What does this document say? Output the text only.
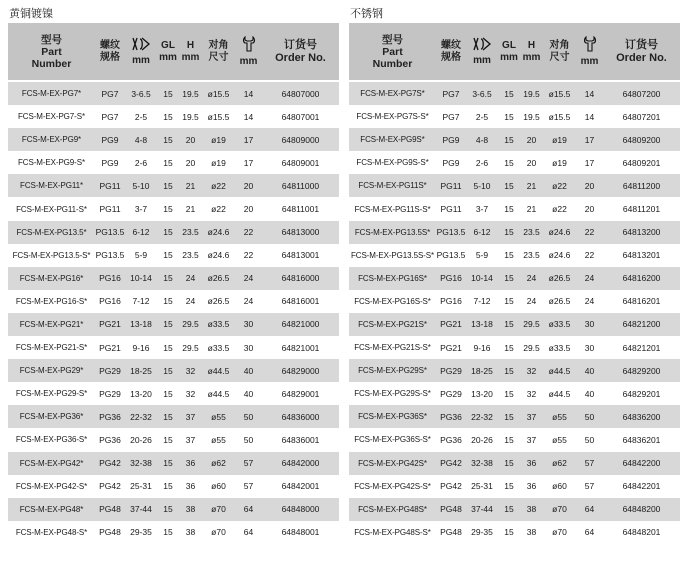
黄铜镀镍
型号
Part
Number	螺纹
规格	mm	GL
mm	H
mm	对角
尺寸	mm	订货号
Order No.
FCS-M-EX-PG7*	PG7	3-6.5	15	19.5	ø15.5	14	64807000
FCS-M-EX-PG7-S*	PG7	2-5	15	19.5	ø15.5	14	64807001
FCS-M-EX-PG9*	PG9	4-8	15	20	ø19	17	64809000
FCS-M-EX-PG9-S*	PG9	2-6	15	20	ø19	17	64809001
FCS-M-EX-PG11*	PG11	5-10	15	21	ø22	20	64811000
FCS-M-EX-PG11-S*	PG11	3-7	15	21	ø22	20	64811001
FCS-M-EX-PG13.5*	PG13.5	6-12	15	23.5	ø24.6	22	64813000
FCS-M-EX-PG13.5-S*	PG13.5	5-9	15	23.5	ø24.6	22	64813001
FCS-M-EX-PG16*	PG16	10-14	15	24	ø26.5	24	64816000
FCS-M-EX-PG16-S*	PG16	7-12	15	24	ø26.5	24	64816001
FCS-M-EX-PG21*	PG21	13-18	15	29.5	ø33.5	30	64821000
FCS-M-EX-PG21-S*	PG21	9-16	15	29.5	ø33.5	30	64821001
FCS-M-EX-PG29*	PG29	18-25	15	32	ø44.5	40	64829000
FCS-M-EX-PG29-S*	PG29	13-20	15	32	ø44.5	40	64829001
FCS-M-EX-PG36*	PG36	22-32	15	37	ø55	50	64836000
FCS-M-EX-PG36-S*	PG36	20-26	15	37	ø55	50	64836001
FCS-M-EX-PG42*	PG42	32-38	15	36	ø62	57	64842000
FCS-M-EX-PG42-S*	PG42	25-31	15	36	ø60	57	64842001
FCS-M-EX-PG48*	PG48	37-44	15	38	ø70	64	64848000
FCS-M-EX-PG48-S*	PG48	29-35	15	38	ø70	64	64848001
不锈钢
型号
Part
Number	螺纹
规格	mm	GL
mm	H
mm	对角
尺寸	mm	订货号
Order No.
FCS-M-EX-PG7S*	PG7	3-6.5	15	19.5	ø15.5	14	64807200
FCS-M-EX-PG7S-S*	PG7	2-5	15	19.5	ø15.5	14	64807201
FCS-M-EX-PG9S*	PG9	4-8	15	20	ø19	17	64809200
FCS-M-EX-PG9S-S*	PG9	2-6	15	20	ø19	17	64809201
FCS-M-EX-PG11S*	PG11	5-10	15	21	ø22	20	64811200
FCS-M-EX-PG11S-S*	PG11	3-7	15	21	ø22	20	64811201
FCS-M-EX-PG13.5S*	PG13.5	6-12	15	23.5	ø24.6	22	64813200
FCS-M-EX-PG13.5S-S*	PG13.5	5-9	15	23.5	ø24.6	22	64813201
FCS-M-EX-PG16S*	PG16	10-14	15	24	ø26.5	24	64816200
FCS-M-EX-PG16S-S*	PG16	7-12	15	24	ø26.5	24	64816201
FCS-M-EX-PG21S*	PG21	13-18	15	29.5	ø33.5	30	64821200
FCS-M-EX-PG21S-S*	PG21	9-16	15	29.5	ø33.5	30	64821201
FCS-M-EX-PG29S*	PG29	18-25	15	32	ø44.5	40	64829200
FCS-M-EX-PG29S-S*	PG29	13-20	15	32	ø44.5	40	64829201
FCS-M-EX-PG36S*	PG36	22-32	15	37	ø55	50	64836200
FCS-M-EX-PG36S-S*	PG36	20-26	15	37	ø55	50	64836201
FCS-M-EX-PG42S*	PG42	32-38	15	36	ø62	57	64842200
FCS-M-EX-PG42S-S*	PG42	25-31	15	36	ø60	57	64842201
FCS-M-EX-PG48S*	PG48	37-44	15	38	ø70	64	64848200
FCS-M-EX-PG48S-S*	PG48	29-35	15	38	ø70	64	64848201
